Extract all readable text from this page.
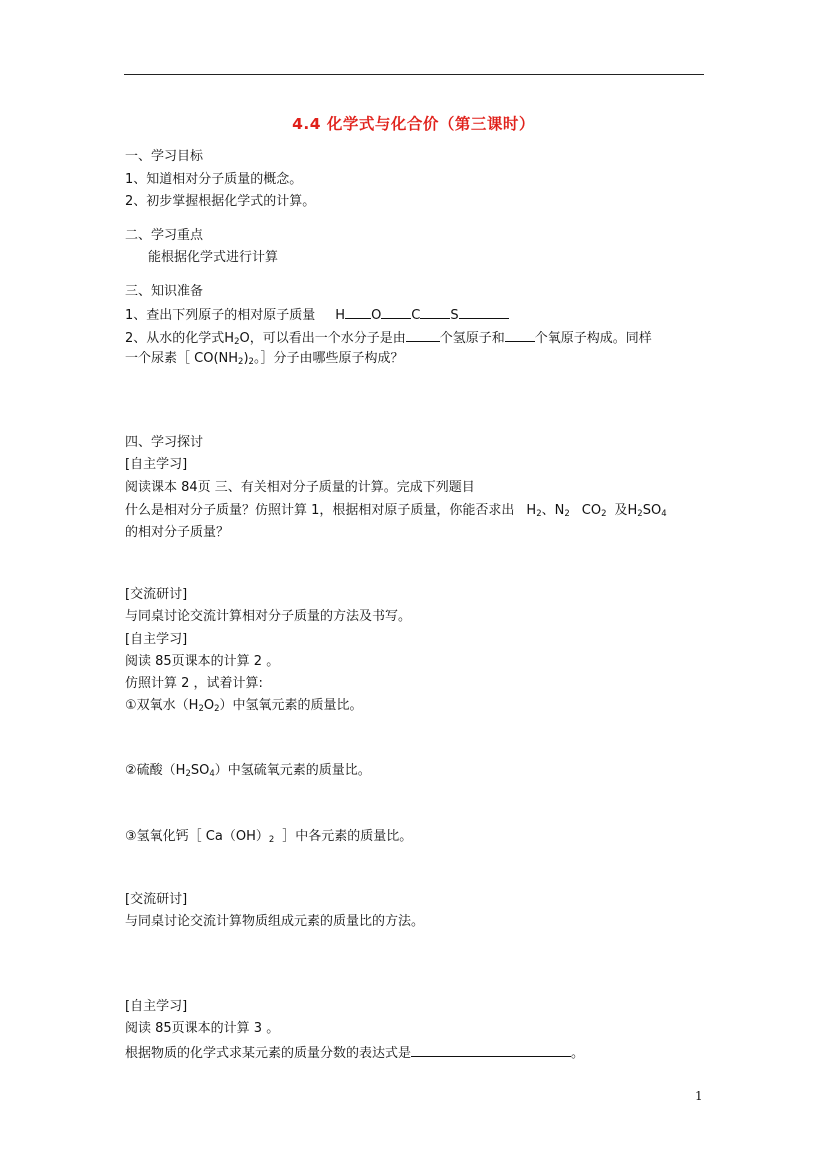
4.4 化学式与化合价（第三课时）
一、学习目标
1、知道相对分子质量的概念。
2、初步掌握根据化学式的计算。
二、学习重点
能根据化学式进行计算
三、知识准备
1、查出下列原子的相对原子质量 H O C S
2、从水的化学式$H_2O$，可以看出一个水分子是由	个氢原子和 个氧原子构成。同样
一个尿素［ $CO(NH_2)_2$。］分子由哪些原子构成？
四、学习探讨
[自主学习]
阅读课本 84页 三、有关相对分子质量的计算。完成下列题目
什么是相对分子质量？仿照计算 1，根据相对原子质量，你能否求出 $H_2$、$N_2$ $CO_2$ 及$H_2SO_4$
的相对分子质量？
[交流研讨]
与同桌讨论交流计算相对分子质量的方法及书写。
[自主学习]
阅读 85页课本的计算 2 。
仿照计算 2 ，试着计算:
①双氧水$(H_2O_2)$中氢氧元素的质量比。
②硫酸$(H_2SO_4)$中氢硫氧元素的质量比。
③氢氧化钙［ $Ca(OH)_2$ ］中各元素的质量比。
[交流研讨]
与同桌讨论交流计算物质组成元素的质量比的方法。
[自主学习]
阅读 85页课本的计算 3 。
根据物质的化学式求某元素的质量分数的表达式是	。
1
